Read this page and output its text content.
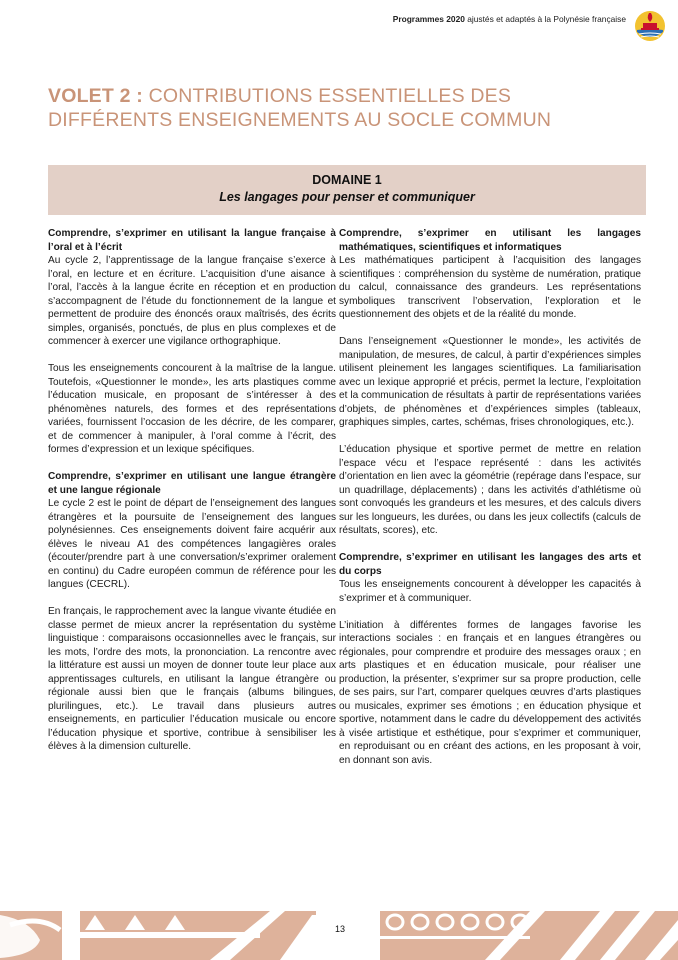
Programmes 2020 ajustés et adaptés à la Polynésie française
VOLET 2 : CONTRIBUTIONS ESSENTIELLES DES DIFFÉRENTS ENSEIGNEMENTS AU SOCLE COMMUN
DOMAINE 1
Les langages pour penser et communiquer
Comprendre, s’exprimer en utilisant la langue française à l’oral et à l’écrit

Au cycle 2, l’apprentissage de la langue française s’exerce à l’oral, en lecture et en écriture. L’acquisition d’une aisance à l’oral, l’accès à la langue écrite en réception et en production s’accompagnent de l’étude du fonctionnement de la langue et permettent de produire des énoncés oraux maîtrisés, des écrits simples, organisés, ponctués, de plus en plus complexes et de commencer à exercer une vigilance orthographique.

Tous les enseignements concourent à la maîtrise de la langue. Toutefois, «Questionner le monde», les arts plastiques comme l’éducation musicale, en proposant de s’intéresser à des phénomènes naturels, des formes et des représentations variées, fournissent l’occasion de les décrire, de les comparer, et de commencer à manipuler, à l’oral comme à l’écrit, des formes d’expression et un lexique spécifiques.

Comprendre, s’exprimer en utilisant une langue étrangère et une langue régionale

Le cycle 2 est le point de départ de l’enseignement des langues étrangères et la poursuite de l’enseignement des langues polynésiennes. Ces enseignements doivent faire acquérir aux élèves le niveau A1 des compétences langagières orales (écouter/prendre part à une conversation/s’exprimer oralement en continu) du Cadre européen commun de référence pour les langues (CECRL).

En français, le rapprochement avec la langue vivante étudiée en classe permet de mieux ancrer la représentation du système linguistique : comparaisons occasionnelles avec le français, sur les mots, l’ordre des mots, la prononciation. La rencontre avec la littérature est aussi un moyen de donner toute leur place aux apprentissages culturels, en utilisant la langue étrangère ou régionale aussi bien que le français (albums bilingues, plurilingues, etc.). Le travail dans plusieurs autres enseignements, en particulier l’éducation musicale ou encore l’éducation physique et sportive, contribue à sensibiliser les élèves à la dimension culturelle.

Comprendre, s’exprimer en utilisant les langages mathématiques, scientifiques et informatiques

Les mathématiques participent à l’acquisition des langages scientifiques : compréhension du système de numération, pratique du calcul, connaissance des grandeurs. Les représentations symboliques transcrivent l’observation, l’exploration et le questionnement des objets et de la réalité du monde.

Dans l’enseignement «Questionner le monde», les activités de manipulation, de mesures, de calcul, à partir d’expériences simples utilisent pleinement les langages scientifiques. La familiarisation avec un lexique approprié et précis, permet la lecture, l’exploitation et la communication de résultats à partir de représentations variées d’objets, de phénomènes et d’expériences simples (tableaux, graphiques simples, cartes, schémas, frises chronologiques, etc.).

L’éducation physique et sportive permet de mettre en relation l’espace vécu et l’espace représenté : dans les activités d’orientation en lien avec la géométrie (repérage dans l’espace, sur un quadrillage, déplacements) ; dans les activités d’athlétisme où sont convoqués les grandeurs et les mesures, et des calculs divers sur les longueurs, les durées, ou dans les jeux collectifs (calculs de résultats, scores), etc.

Comprendre, s’exprimer en utilisant les langages des arts et du corps

Tous les enseignements concourent à développer les capacités à s’exprimer et à communiquer.

L’initiation à différentes formes de langages favorise les interactions sociales : en français et en langues étrangères ou régionales, pour comprendre et produire des messages oraux ; en arts plastiques et en éducation musicale, pour réaliser une production, la présenter, s’exprimer sur sa propre production, celle de ses pairs, sur l’art, comparer quelques œuvres d’arts plastiques ou musicales, exprimer ses émotions ; en éducation physique et sportive, notamment dans le cadre du développement des activités à visée artistique et esthétique, pour s’exprimer et communiquer, en reproduisant ou en créant des actions, en les proposant à voir, en donnant son avis.

13
